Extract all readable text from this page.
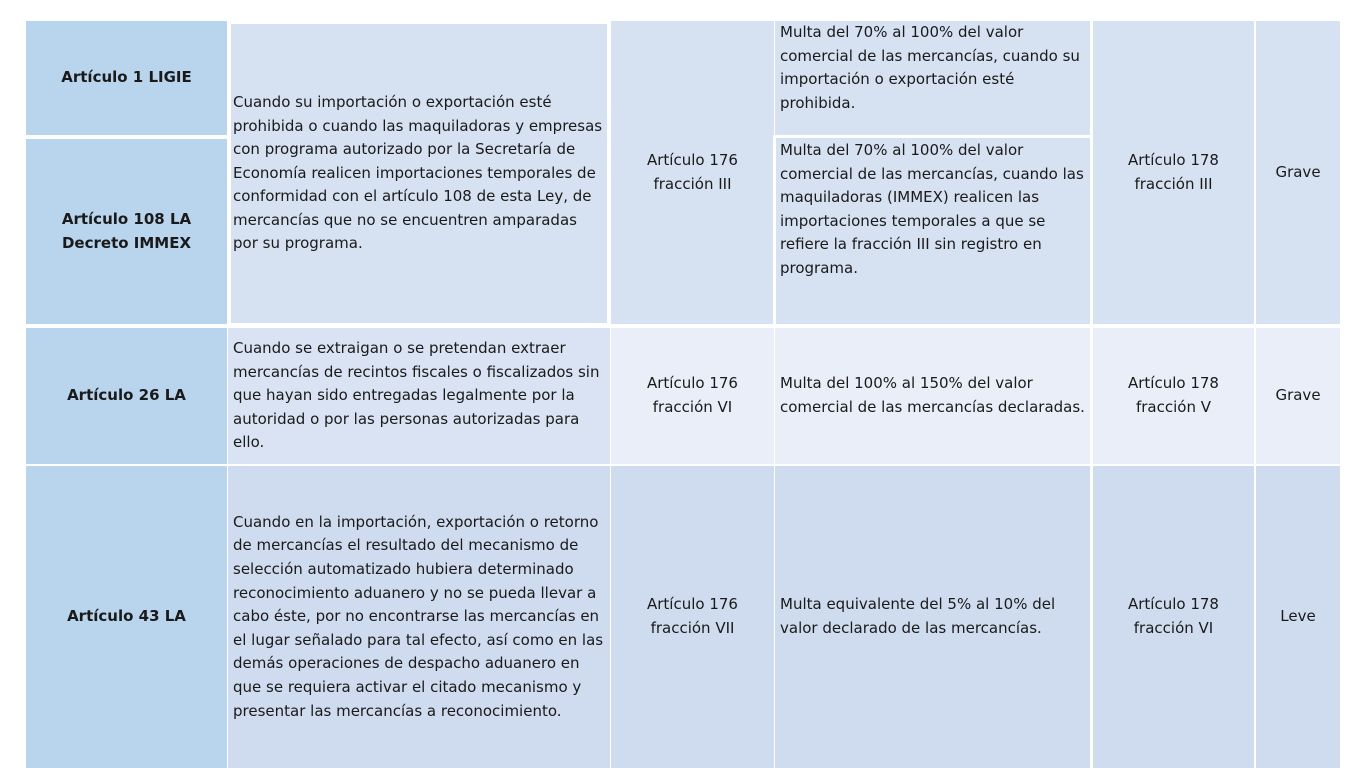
Artículo 1 LIGIE
Artículo 108 LA Decreto IMMEX
Cuando su importación o exportación esté prohibida o cuando las maquiladoras y empresas con programa autorizado por la Secretaría de Economía realicen importaciones temporales de conformidad con el artículo 108 de esta Ley, de mercancías que no se encuentren amparadas por su programa.
Artículo 176 fracción III
Multa del 70% al 100% del valor comercial de las mercancías, cuando su importación o exportación esté prohibida.
Multa del 70% al 100% del valor comercial de las mercancías, cuando las maquiladoras (IMMEX) realicen las importaciones temporales a que se refiere la fracción III sin registro en programa.
Artículo 178 fracción III
Grave
Artículo 26 LA
Cuando se extraigan o se pretendan extraer mercancías de recintos fiscales o fiscalizados sin que hayan sido entregadas legalmente por la autoridad o por las personas autorizadas para ello.
Artículo 176 fracción VI
Multa del 100% al 150% del valor comercial de las mercancías declaradas.
Artículo 178 fracción V
Grave
Artículo 43 LA
Cuando en la importación, exportación o retorno de mercancías el resultado del mecanismo de selección automatizado hubiera determinado reconocimiento aduanero y no se pueda llevar a cabo éste, por no encontrarse las mercancías en el lugar señalado para tal efecto, así como en las demás operaciones de despacho aduanero en que se requiera activar el citado mecanismo y presentar las mercancías a reconocimiento.
Artículo 176 fracción VII
Multa equivalente del 5% al 10% del valor declarado de las mercancías.
Artículo 178 fracción VI
Leve
